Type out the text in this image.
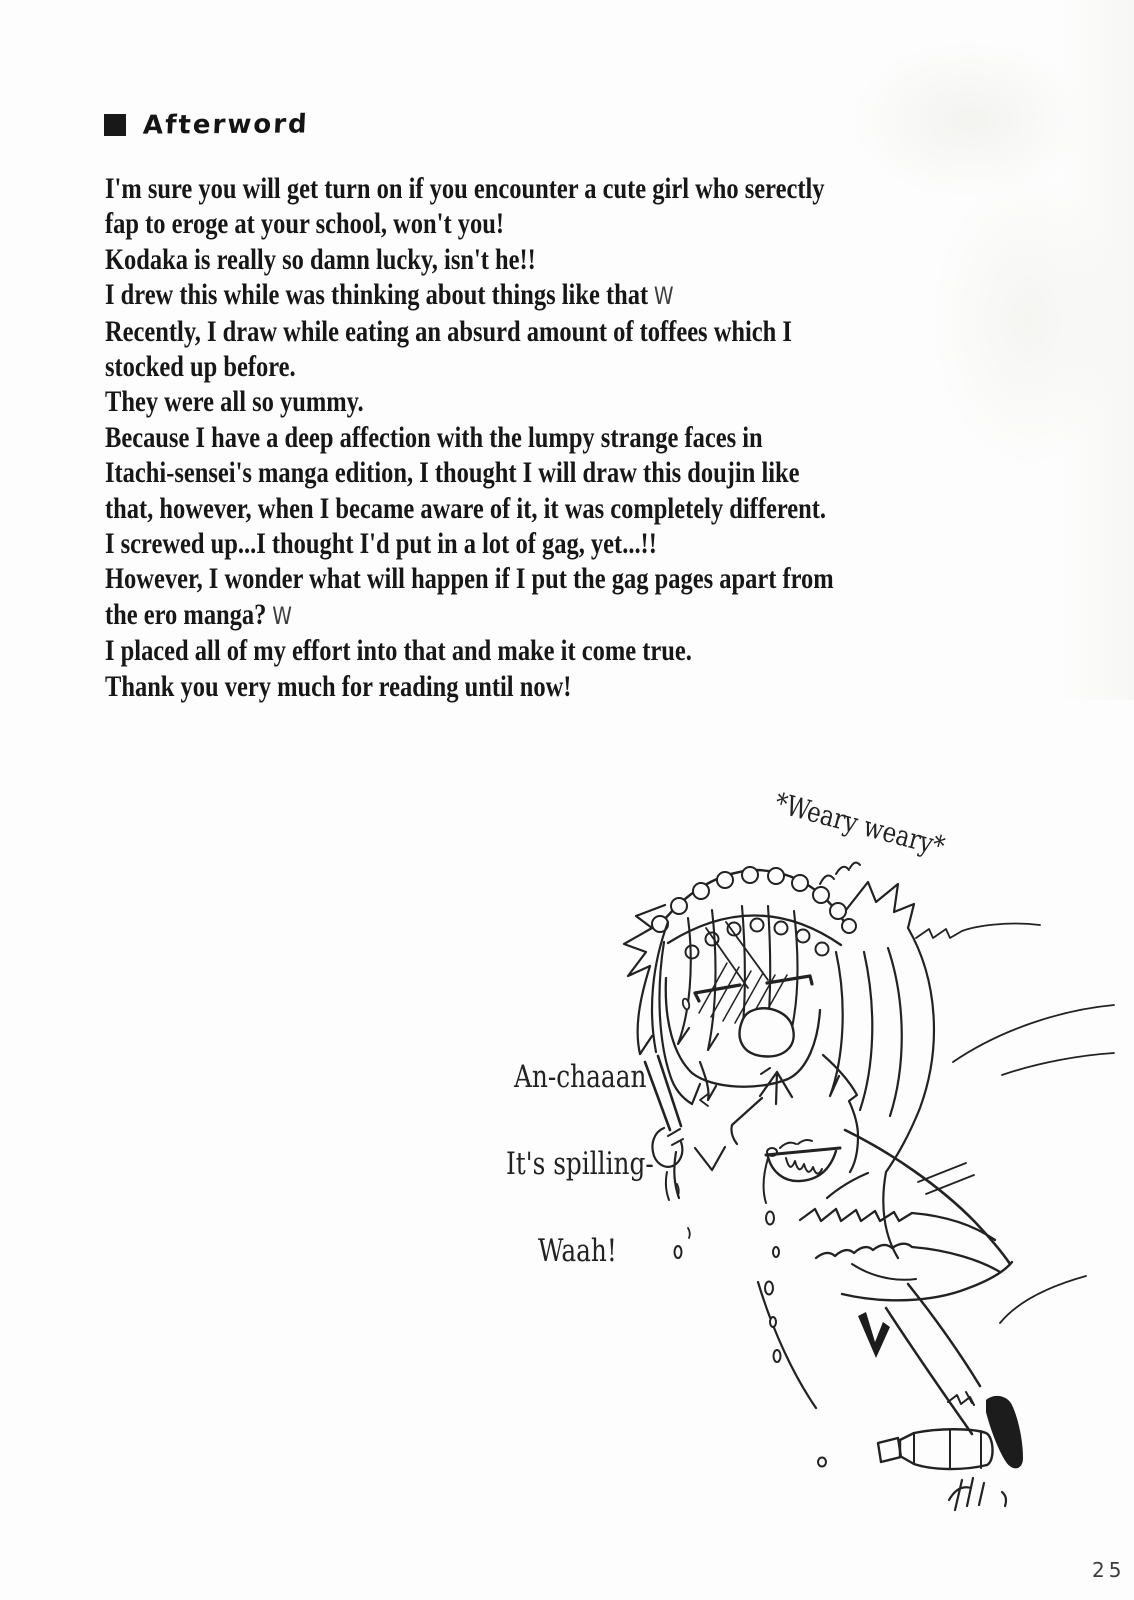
Afterword
I'm sure you will get turn on if you encounter a cute girl who serectly
fap to eroge at your school, won't you!
Kodaka is really so damn lucky, isn't he!!
I drew this while was thinking about things like that W
Recently, I draw while eating an absurd amount of toffees which I
stocked up before.
They were all so yummy.
Because I have a deep affection with the lumpy strange faces in
Itachi-sensei's manga edition, I thought I will draw this doujin like
that, however, when I became aware of it, it was completely different.
I screwed up...I thought I'd put in a lot of gag, yet...!!
However, I wonder what will happen if I put the gag pages apart from
the ero manga? W
I placed all of my effort into that and make it come true.
Thank you very much for reading until now!
*Weary weary*
An-chaaan
It's spilling-
Waah!
25
